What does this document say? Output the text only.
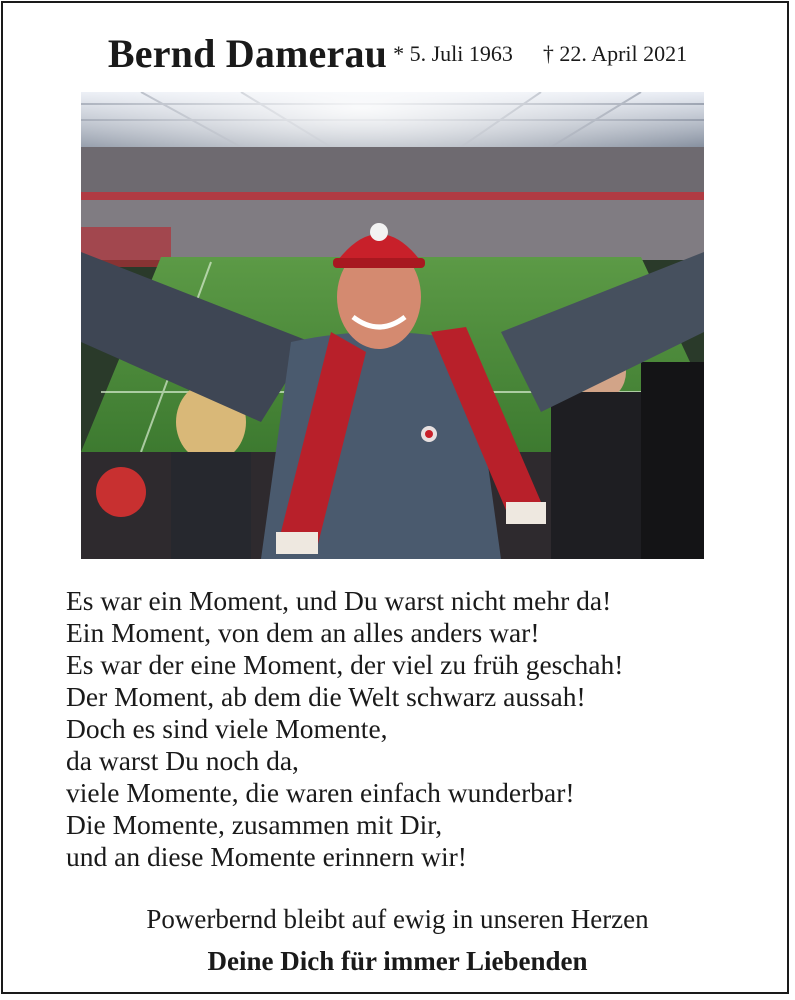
Bernd Damerau * 5. Juli 1963 † 22. April 2021
Es war ein Moment, und Du warst nicht mehr da!
Ein Moment, von dem an alles anders war!
Es war der eine Moment, der viel zu früh geschah!
Der Moment, ab dem die Welt schwarz aussah!
Doch es sind viele Momente,
da warst Du noch da,
viele Momente, die waren einfach wunderbar!
Die Momente, zusammen mit Dir,
und an diese Momente erinnern wir!
Powerbernd bleibt auf ewig in unseren Herzen
Deine Dich für immer Liebenden
